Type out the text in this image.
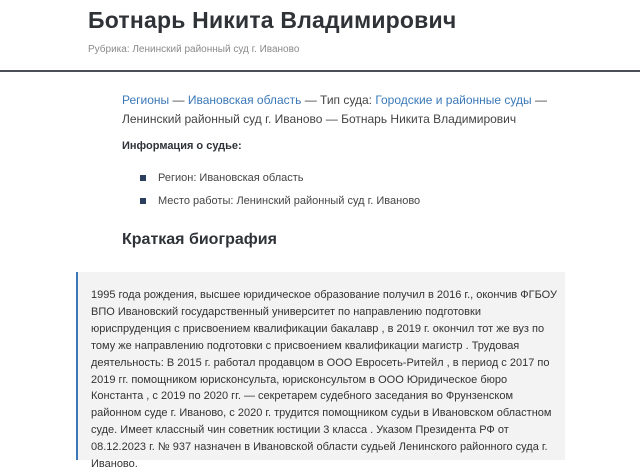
Ботнарь Никита Владимирович
Рубрика: Ленинский районный суд г. Иваново
Регионы — Ивановская область — Тип суда: Городские и районные суды — Ленинский районный суд г. Иваново — Ботнарь Никита Владимирович
Информация о судье:
Регион: Ивановская область
Место работы: Ленинский районный суд г. Иваново
Краткая биография

1995 года рождения, высшее юридическое образование получил в 2016 г., окончив ФГБОУ ВПО Ивановский государственный университет по направлению подготовки юриспруденция с присвоением квалификации бакалавр , в 2019 г. окончил тот же вуз по тому же направлению подготовки с присвоением квалификации магистр . Трудовая деятельность: В 2015 г. работал продавцом в ООО Евросеть-Ритейл , в период с 2017 по 2019 гг. помощником юрисконсульта, юрисконсультом в ООО Юридическое бюро Константа , с 2019 по 2020 гг. — секретарем судебного заседания во Фрунзенском районном суде г. Иваново, с 2020 г. трудится помощником судьи в Ивановском областном суде. Имеет классный чин советник юстиции 3 класса . Указом Президента РФ от 08.12.2023 г. № 937 назначен в Ивановской области судьей Ленинского районного суда г. Иваново.
